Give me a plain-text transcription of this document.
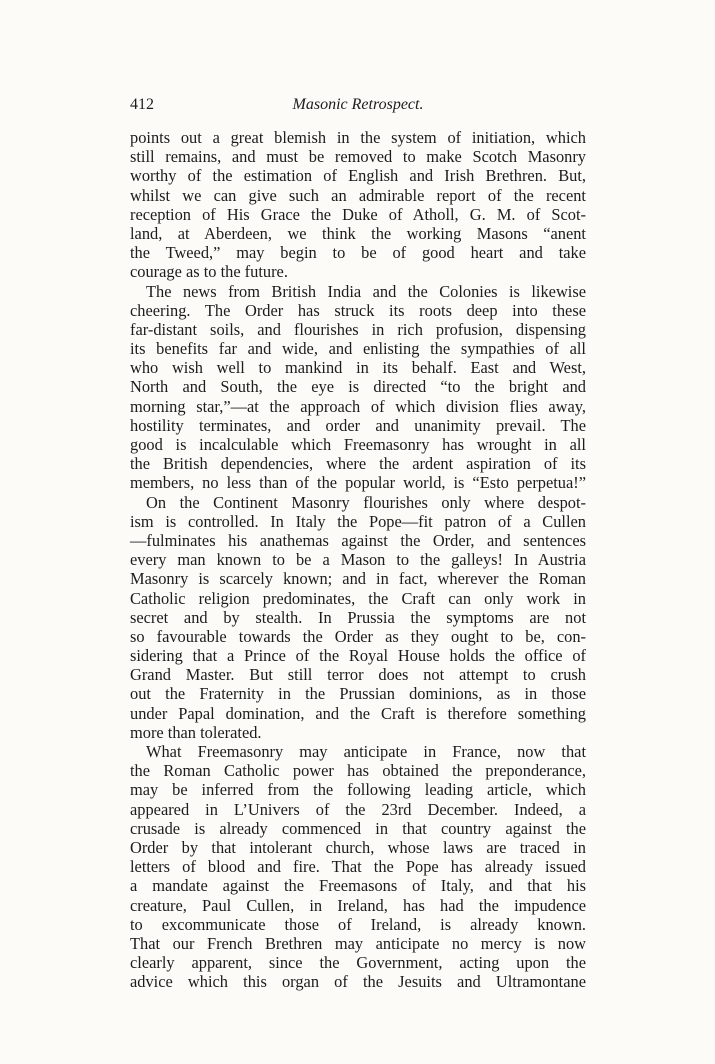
412	Masonic Retrospect.
points out a great blemish in the system of initiation, which
still remains, and must be removed to make Scotch Masonry
worthy of the estimation of English and Irish Brethren. But,
whilst we can give such an admirable report of the recent
reception of His Grace the Duke of Atholl, G. M. of Scot-
land, at Aberdeen, we think the working Masons “anent
the Tweed,” may begin to be of good heart and take
courage as to the future.
The news from British India and the Colonies is likewise
cheering. The Order has struck its roots deep into these
far-distant soils, and flourishes in rich profusion, dispensing
its benefits far and wide, and enlisting the sympathies of all
who wish well to mankind in its behalf. East and West,
North and South, the eye is directed “to the bright and
morning star,”—at the approach of which division flies away,
hostility terminates, and order and unanimity prevail. The
good is incalculable which Freemasonry has wrought in all
the British dependencies, where the ardent aspiration of its
members, no less than of the popular world, is “Esto perpetua!”
On the Continent Masonry flourishes only where despot-
ism is controlled. In Italy the Pope—fit patron of a Cullen
—fulminates his anathemas against the Order, and sentences
every man known to be a Mason to the galleys! In Austria
Masonry is scarcely known; and in fact, wherever the Roman
Catholic religion predominates, the Craft can only work in
secret and by stealth. In Prussia the symptoms are not
so favourable towards the Order as they ought to be, con-
sidering that a Prince of the Royal House holds the office of
Grand Master. But still terror does not attempt to crush
out the Fraternity in the Prussian dominions, as in those
under Papal domination, and the Craft is therefore something
more than tolerated.
What Freemasonry may anticipate in France, now that
the Roman Catholic power has obtained the preponderance,
may be inferred from the following leading article, which
appeared in L’Univers of the 23rd December. Indeed, a
crusade is already commenced in that country against the
Order by that intolerant church, whose laws are traced in
letters of blood and fire. That the Pope has already issued
a mandate against the Freemasons of Italy, and that his
creature, Paul Cullen, in Ireland, has had the impudence
to excommunicate those of Ireland, is already known.
That our French Brethren may anticipate no mercy is now
clearly apparent, since the Government, acting upon the
advice which this organ of the Jesuits and Ultramontane
